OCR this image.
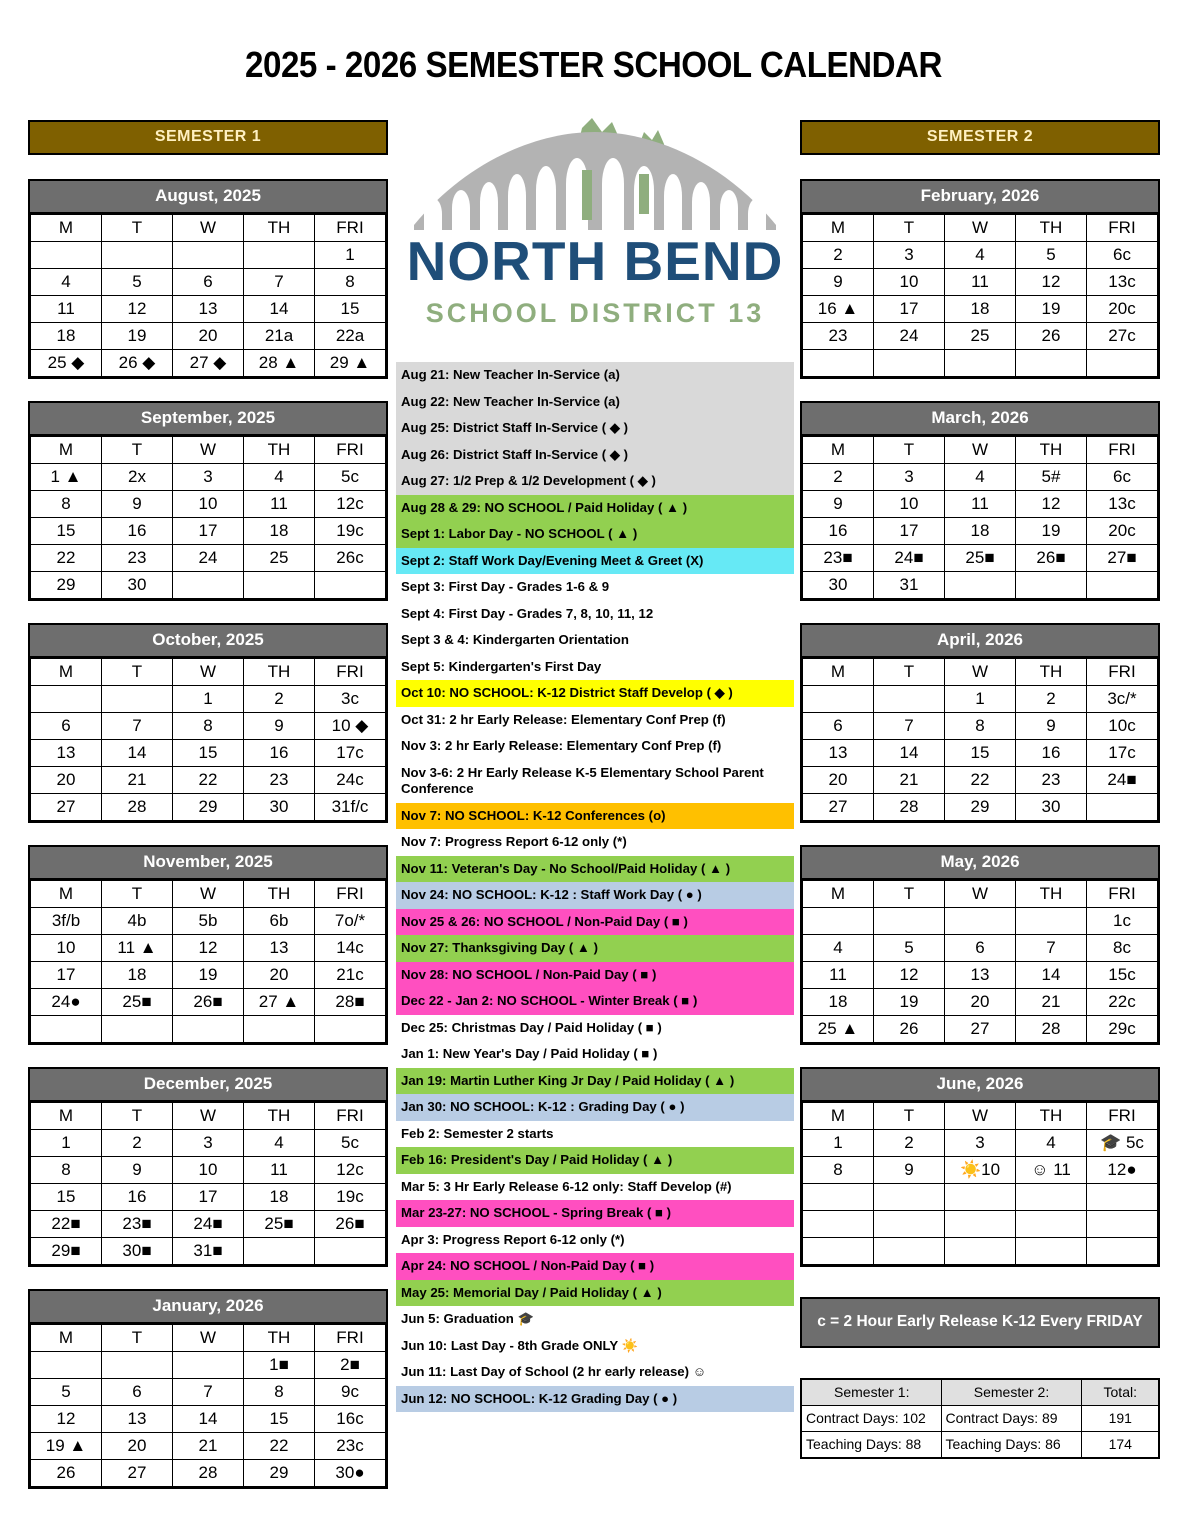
2025 - 2026 SEMESTER SCHOOL CALENDAR
SEMESTER 1
August, 2025
M	T	W	TH	FRI
				1
4	5	6	7	8
11	12	13	14	15
18	19	20	21a	22a
25 ◆	26 ◆	27 ◆	28 ▲	29 ▲
September, 2025
M	T	W	TH	FRI
1 ▲	2x	3	4	5c
8	9	10	11	12c
15	16	17	18	19c
22	23	24	25	26c
29	30			
October, 2025
M	T	W	TH	FRI
		1	2	3c
6	7	8	9	10 ◆
13	14	15	16	17c
20	21	22	23	24c
27	28	29	30	31f/c
November, 2025
M	T	W	TH	FRI
3f/b	4b	5b	6b	7o/*
10	11 ▲	12	13	14c
17	18	19	20	21c
24●	25■	26■	27 ▲	28■

December, 2025
M	T	W	TH	FRI
1	2	3	4	5c
8	9	10	11	12c
15	16	17	18	19c
22■	23■	24■	25■	26■
29■	30■	31■		
January, 2026
M	T	W	TH	FRI
			1■	2■
5	6	7	8	9c
12	13	14	15	16c
19 ▲	20	21	22	23c
26	27	28	29	30●
NORTH BEND
SCHOOL DISTRICT 13
Aug 21: New Teacher In-Service (a)
Aug 22: New Teacher In-Service (a)
Aug 25: District Staff In-Service ( ◆ )
Aug 26: District Staff In-Service ( ◆ )
Aug 27: 1/2 Prep & 1/2 Development ( ◆ )
Aug 28 & 29: NO SCHOOL / Paid Holiday ( ▲ )
Sept 1: Labor Day - NO SCHOOL ( ▲ )
Sept 2: Staff Work Day/Evening Meet & Greet (X)
Sept 3: First Day - Grades 1-6 & 9
Sept 4: First Day - Grades 7, 8, 10, 11, 12
Sept 3 & 4: Kindergarten Orientation
Sept 5: Kindergarten's First Day
Oct 10: NO SCHOOL: K-12 District Staff Develop ( ◆ )
Oct 31: 2 hr Early Release: Elementary Conf Prep (f)
Nov 3: 2 hr Early Release: Elementary Conf Prep (f)
Nov 3-6: 2 Hr Early Release K-5 Elementary School Parent Conference
Nov 7: NO SCHOOL: K-12 Conferences (o)
Nov 7: Progress Report 6-12 only (*)
Nov 11: Veteran's Day - No School/Paid Holiday ( ▲ )
Nov 24: NO SCHOOL: K-12 : Staff Work Day ( ● )
Nov 25 & 26: NO SCHOOL / Non-Paid Day ( ■ )
Nov 27: Thanksgiving Day ( ▲ )
Nov 28: NO SCHOOL / Non-Paid Day ( ■ )
Dec 22 - Jan 2: NO SCHOOL - Winter Break ( ■ )
Dec 25: Christmas Day / Paid Holiday ( ■ )
Jan 1: New Year's Day / Paid Holiday ( ■ )
Jan 19: Martin Luther King Jr Day / Paid Holiday ( ▲ )
Jan 30: NO SCHOOL: K-12 : Grading Day ( ● )
Feb 2: Semester 2 starts
Feb 16: President's Day / Paid Holiday ( ▲ )
Mar 5: 3 Hr Early Release 6-12 only: Staff Develop (#)
Mar 23-27: NO SCHOOL - Spring Break ( ■ )
Apr 3: Progress Report 6-12 only (*)
Apr 24: NO SCHOOL / Non-Paid Day ( ■ )
May 25: Memorial Day / Paid Holiday ( ▲ )
Jun 5: Graduation 🎓
Jun 10: Last Day - 8th Grade ONLY ☀️
Jun 11: Last Day of School (2 hr early release) ☺
Jun 12: NO SCHOOL: K-12 Grading Day ( ● )
SEMESTER 2
February, 2026
M	T	W	TH	FRI
2	3	4	5	6c
9	10	11	12	13c
16 ▲	17	18	19	20c
23	24	25	26	27c

March, 2026
M	T	W	TH	FRI
2	3	4	5#	6c
9	10	11	12	13c
16	17	18	19	20c
23■	24■	25■	26■	27■
30	31			
April, 2026
M	T	W	TH	FRI
		1	2	3c/*
6	7	8	9	10c
13	14	15	16	17c
20	21	22	23	24■
27	28	29	30	
May, 2026
M	T	W	TH	FRI
				1c
4	5	6	7	8c
11	12	13	14	15c
18	19	20	21	22c
25 ▲	26	27	28	29c
June, 2026
M	T	W	TH	FRI
1	2	3	4	🎓 5c
8	9	☀️10	☺ 11	12●

c = 2 Hour Early Release K-12 Every FRIDAY
Semester 1:	Semester 2:	Total:
Contract Days: 102	Contract Days: 89	191
Teaching Days: 88	Teaching Days: 86	174
